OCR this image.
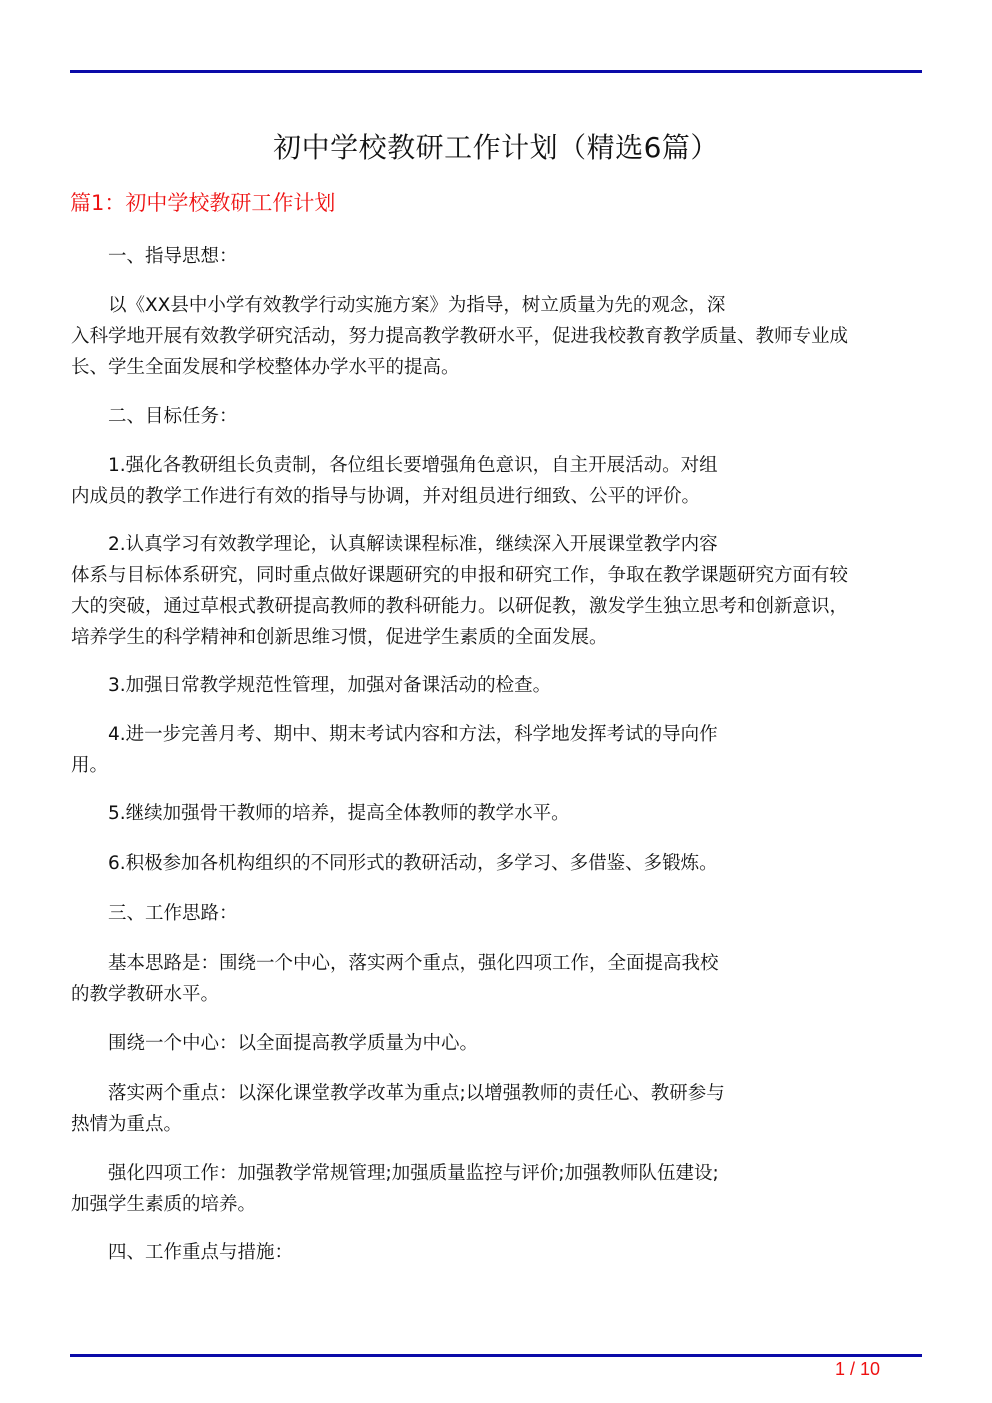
初中学校教研工作计划（精选6篇）
篇1：初中学校教研工作计划
一、指导思想：
以《XX县中小学有效教学行动实施方案》为指导，树立质量为先的观念，深
入科学地开展有效教学研究活动，努力提高教学教研水平，促进我校教育教学质量、教师专业成
长、学生全面发展和学校整体办学水平的提高。
二、目标任务：
1.强化各教研组长负责制，各位组长要增强角色意识，自主开展活动。对组
内成员的教学工作进行有效的指导与协调，并对组员进行细致、公平的评价。
2.认真学习有效教学理论，认真解读课程标准，继续深入开展课堂教学内容
体系与目标体系研究，同时重点做好课题研究的申报和研究工作，争取在教学课题研究方面有较
大的突破，通过草根式教研提高教师的教科研能力。以研促教，激发学生独立思考和创新意识，
培养学生的科学精神和创新思维习惯，促进学生素质的全面发展。
3.加强日常教学规范性管理，加强对备课活动的检查。
4.进一步完善月考、期中、期末考试内容和方法，科学地发挥考试的导向作
用。
5.继续加强骨干教师的培养，提高全体教师的教学水平。
6.积极参加各机构组织的不同形式的教研活动，多学习、多借鉴、多锻炼。
三、工作思路：
基本思路是：围绕一个中心，落实两个重点，强化四项工作，全面提高我校
的教学教研水平。
围绕一个中心：以全面提高教学质量为中心。
落实两个重点：以深化课堂教学改革为重点;以增强教师的责任心、教研参与
热情为重点。
强化四项工作：加强教学常规管理;加强质量监控与评价;加强教师队伍建设;
加强学生素质的培养。
四、工作重点与措施：
1 / 10
